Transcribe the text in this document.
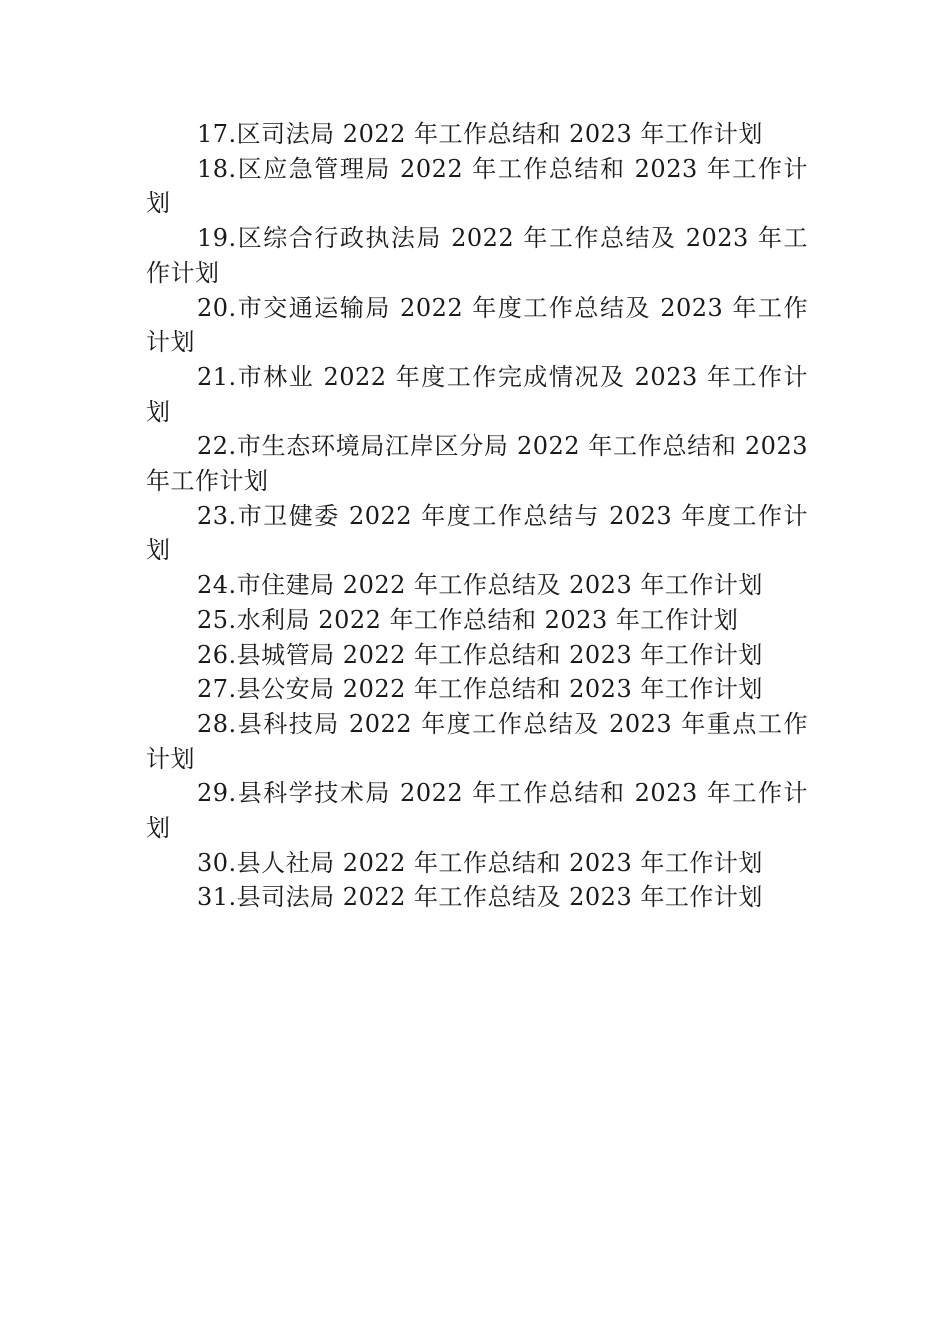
17.区司法局 2022 年工作总结和 2023 年工作计划
18.区应急管理局 2022 年工作总结和 2023 年工作计划
19.区综合行政执法局 2022 年工作总结及 2023 年工作计划
20.市交通运输局 2022 年度工作总结及 2023 年工作计划
21.市林业 2022 年度工作完成情况及 2023 年工作计划
22.市生态环境局江岸区分局 2022 年工作总结和 2023 年工作计划
23.市卫健委 2022 年度工作总结与 2023 年度工作计划
24.市住建局 2022 年工作总结及 2023 年工作计划
25.水利局 2022 年工作总结和 2023 年工作计划
26.县城管局 2022 年工作总结和 2023 年工作计划
27.县公安局 2022 年工作总结和 2023 年工作计划
28.县科技局 2022 年度工作总结及 2023 年重点工作计划
29.县科学技术局 2022 年工作总结和 2023 年工作计划
30.县人社局 2022 年工作总结和 2023 年工作计划
31.县司法局 2022 年工作总结及 2023 年工作计划
